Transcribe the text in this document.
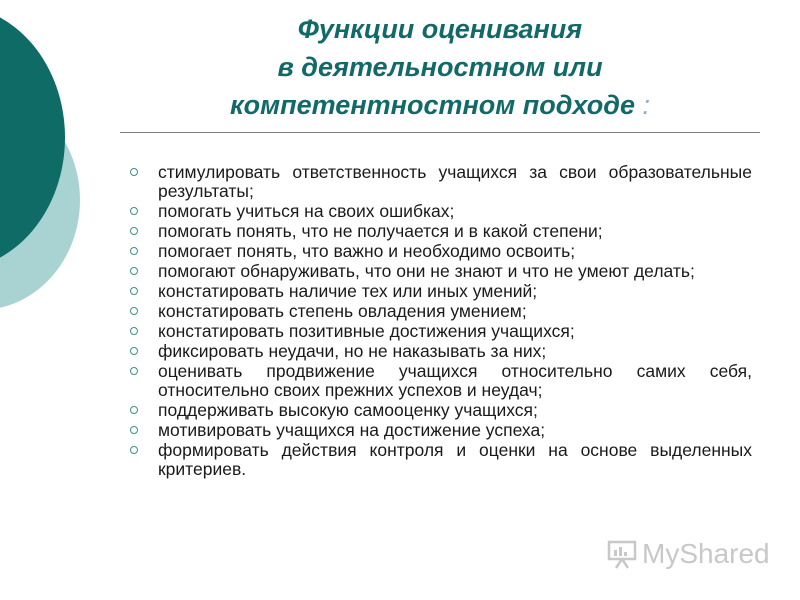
Функции оценивания
в деятельностном или
компетентностном подходе :
стимулировать ответственность учащихся за свои образовательные результаты;
помогать учиться на своих ошибках;
помогать понять, что не получается и в какой степени;
помогает понять, что важно и необходимо освоить;
помогают обнаруживать, что они не знают и что не умеют делать;
констатировать наличие тех или иных умений;
констатировать степень овладения умением;
констатировать позитивные достижения учащихся;
фиксировать неудачи, но не наказывать за них;
оценивать продвижение учащихся относительно самих себя, относительно своих прежних успехов и неудач;
поддерживать высокую самооценку учащихся;
мотивировать учащихся на достижение успеха;
формировать действия контроля и оценки на основе выделенных критериев.
MyShared
